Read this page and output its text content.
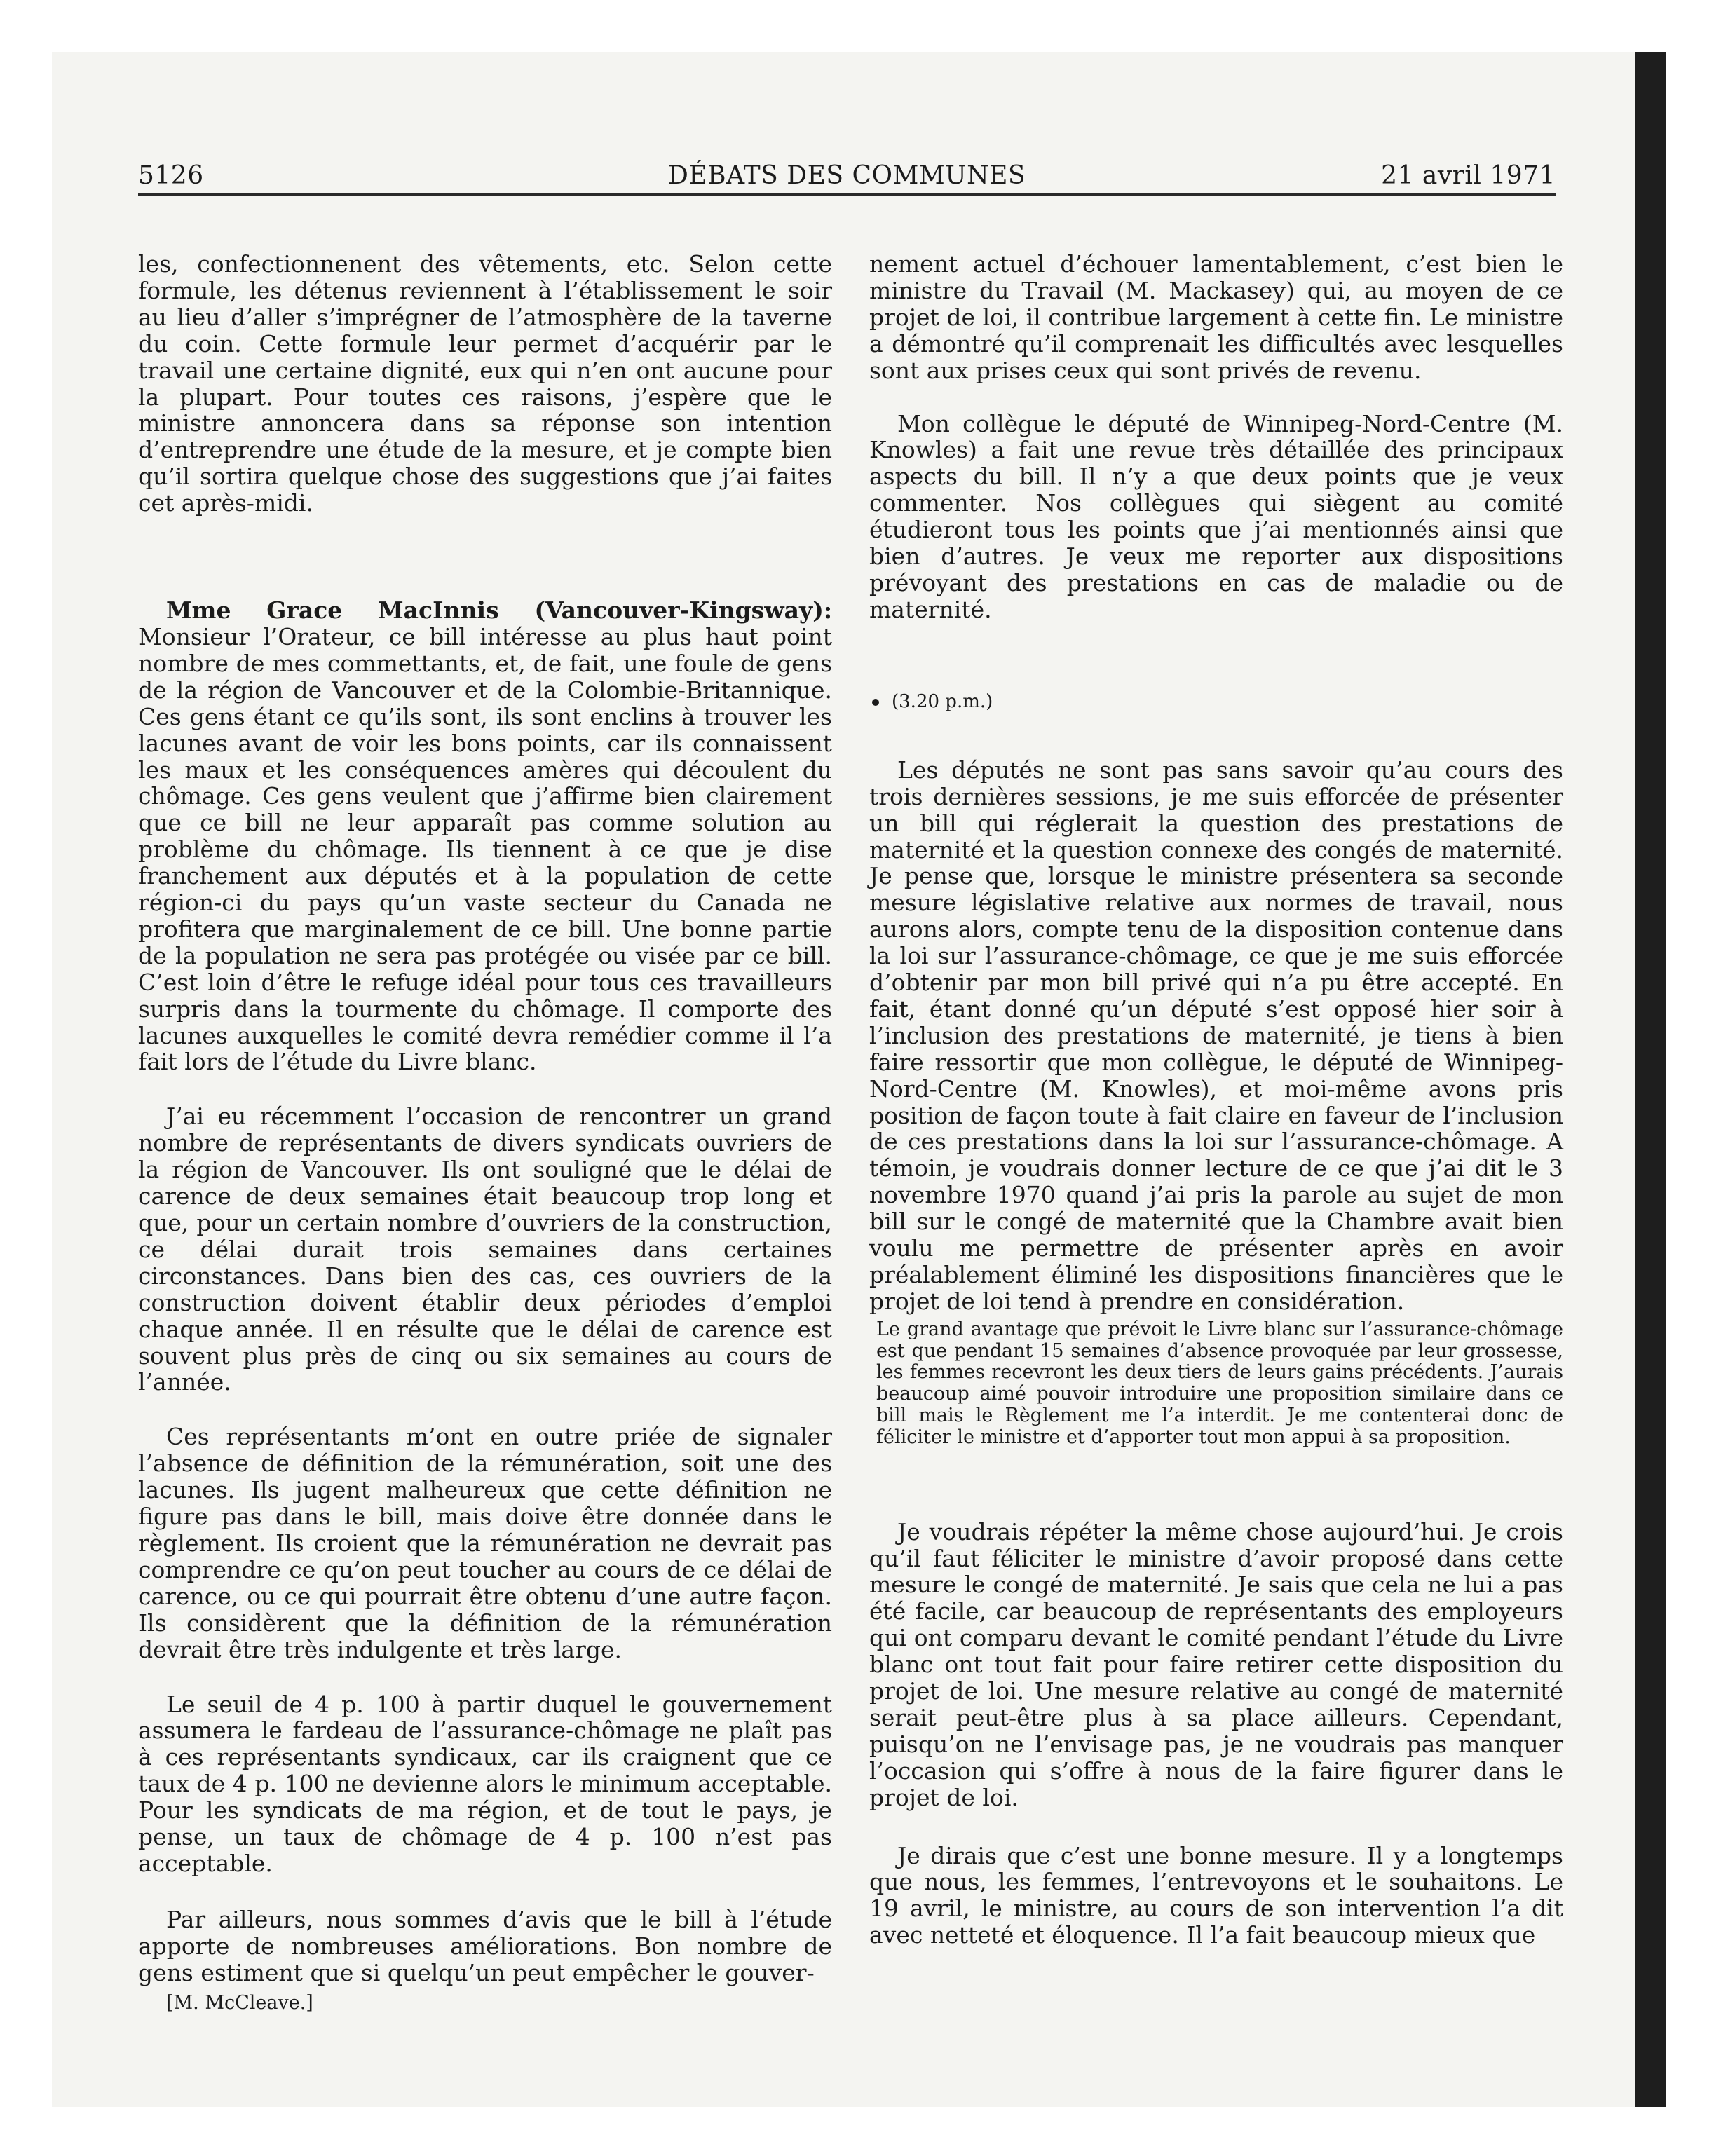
5126	DÉBATS DES COMMUNES	21 avril 1971

les, confectionnenent des vêtements, etc. Selon cette formule, les détenus reviennent à l’établissement le soir au lieu d’aller s’imprégner de l’atmosphère de la taverne du coin. Cette formule leur permet d’acquérir par le travail une certaine dignité, eux qui n’en ont aucune pour la plupart. Pour toutes ces raisons, j’espère que le ministre annoncera dans sa réponse son intention d’entreprendre une étude de la mesure, et je compte bien qu’il sortira quelque chose des suggestions que j’ai faites cet après-midi.

Mme Grace MacInnis (Vancouver-Kingsway): Monsieur l’Orateur, ce bill intéresse au plus haut point nombre de mes commettants, et, de fait, une foule de gens de la région de Vancouver et de la Colombie-Britannique. Ces gens étant ce qu’ils sont, ils sont enclins à trouver les lacunes avant de voir les bons points, car ils connaissent les maux et les conséquences amères qui découlent du chômage. Ces gens veulent que j’affirme bien clairement que ce bill ne leur apparaît pas comme solution au problème du chômage. Ils tiennent à ce que je dise franchement aux députés et à la population de cette région-ci du pays qu’un vaste secteur du Canada ne profitera que marginalement de ce bill. Une bonne partie de la population ne sera pas protégée ou visée par ce bill. C’est loin d’être le refuge idéal pour tous ces travailleurs surpris dans la tourmente du chômage. Il comporte des lacunes auxquelles le comité devra remédier comme il l’a fait lors de l’étude du Livre blanc.

J’ai eu récemment l’occasion de rencontrer un grand nombre de représentants de divers syndicats ouvriers de la région de Vancouver. Ils ont souligné que le délai de carence de deux semaines était beaucoup trop long et que, pour un certain nombre d’ouvriers de la construction, ce délai durait trois semaines dans certaines circonstances. Dans bien des cas, ces ouvriers de la construction doivent établir deux périodes d’emploi chaque année. Il en résulte que le délai de carence est souvent plus près de cinq ou six semaines au cours de l’année.

Ces représentants m’ont en outre priée de signaler l’absence de définition de la rémunération, soit une des lacunes. Ils jugent malheureux que cette définition ne figure pas dans le bill, mais doive être donnée dans le règlement. Ils croient que la rémunération ne devrait pas comprendre ce qu’on peut toucher au cours de ce délai de carence, ou ce qui pourrait être obtenu d’une autre façon. Ils considèrent que la définition de la rémunération devrait être très indulgente et très large.

Le seuil de 4 p. 100 à partir duquel le gouvernement assumera le fardeau de l’assurance-chômage ne plaît pas à ces représentants syndicaux, car ils craignent que ce taux de 4 p. 100 ne devienne alors le minimum acceptable. Pour les syndicats de ma région, et de tout le pays, je pense, un taux de chômage de 4 p. 100 n’est pas acceptable.

Par ailleurs, nous sommes d’avis que le bill à l’étude apporte de nombreuses améliorations. Bon nombre de gens estiment que si quelqu’un peut empêcher le gouver-

[M. McCleave.]

nement actuel d’échouer lamentablement, c’est bien le ministre du Travail (M. Mackasey) qui, au moyen de ce projet de loi, il contribue largement à cette fin. Le ministre a démontré qu’il comprenait les difficultés avec lesquelles sont aux prises ceux qui sont privés de revenu.

Mon collègue le député de Winnipeg-Nord-Centre (M. Knowles) a fait une revue très détaillée des principaux aspects du bill. Il n’y a que deux points que je veux commenter. Nos collègues qui siègent au comité étudieront tous les points que j’ai mentionnés ainsi que bien d’autres. Je veux me reporter aux dispositions prévoyant des prestations en cas de maladie ou de maternité.

(3.20 p.m.)

Les députés ne sont pas sans savoir qu’au cours des trois dernières sessions, je me suis efforcée de présenter un bill qui réglerait la question des prestations de maternité et la question connexe des congés de maternité. Je pense que, lorsque le ministre présentera sa seconde mesure législative relative aux normes de travail, nous aurons alors, compte tenu de la disposition contenue dans la loi sur l’assurance-chômage, ce que je me suis efforcée d’obtenir par mon bill privé qui n’a pu être accepté. En fait, étant donné qu’un député s’est opposé hier soir à l’inclusion des prestations de maternité, je tiens à bien faire ressortir que mon collègue, le député de Winnipeg-Nord-Centre (M. Knowles), et moi-même avons pris position de façon toute à fait claire en faveur de l’inclusion de ces prestations dans la loi sur l’assurance-chômage. A témoin, je voudrais donner lecture de ce que j’ai dit le 3 novembre 1970 quand j’ai pris la parole au sujet de mon bill sur le congé de maternité que la Chambre avait bien voulu me permettre de présenter après en avoir préalablement éliminé les dispositions financières que le projet de loi tend à prendre en considération.

Le grand avantage que prévoit le Livre blanc sur l’assurance-chômage est que pendant 15 semaines d’absence provoquée par leur grossesse, les femmes recevront les deux tiers de leurs gains précédents. J’aurais beaucoup aimé pouvoir introduire une proposition similaire dans ce bill mais le Règlement me l’a interdit. Je me contenterai donc de féliciter le ministre et d’apporter tout mon appui à sa proposition.

Je voudrais répéter la même chose aujourd’hui. Je crois qu’il faut féliciter le ministre d’avoir proposé dans cette mesure le congé de maternité. Je sais que cela ne lui a pas été facile, car beaucoup de représentants des employeurs qui ont comparu devant le comité pendant l’étude du Livre blanc ont tout fait pour faire retirer cette disposition du projet de loi. Une mesure relative au congé de maternité serait peut-être plus à sa place ailleurs. Cependant, puisqu’on ne l’envisage pas, je ne voudrais pas manquer l’occasion qui s’offre à nous de la faire figurer dans le projet de loi.

Je dirais que c’est une bonne mesure. Il y a longtemps que nous, les femmes, l’entrevoyons et le souhaitons. Le 19 avril, le ministre, au cours de son intervention l’a dit avec netteté et éloquence. Il l’a fait beaucoup mieux que
